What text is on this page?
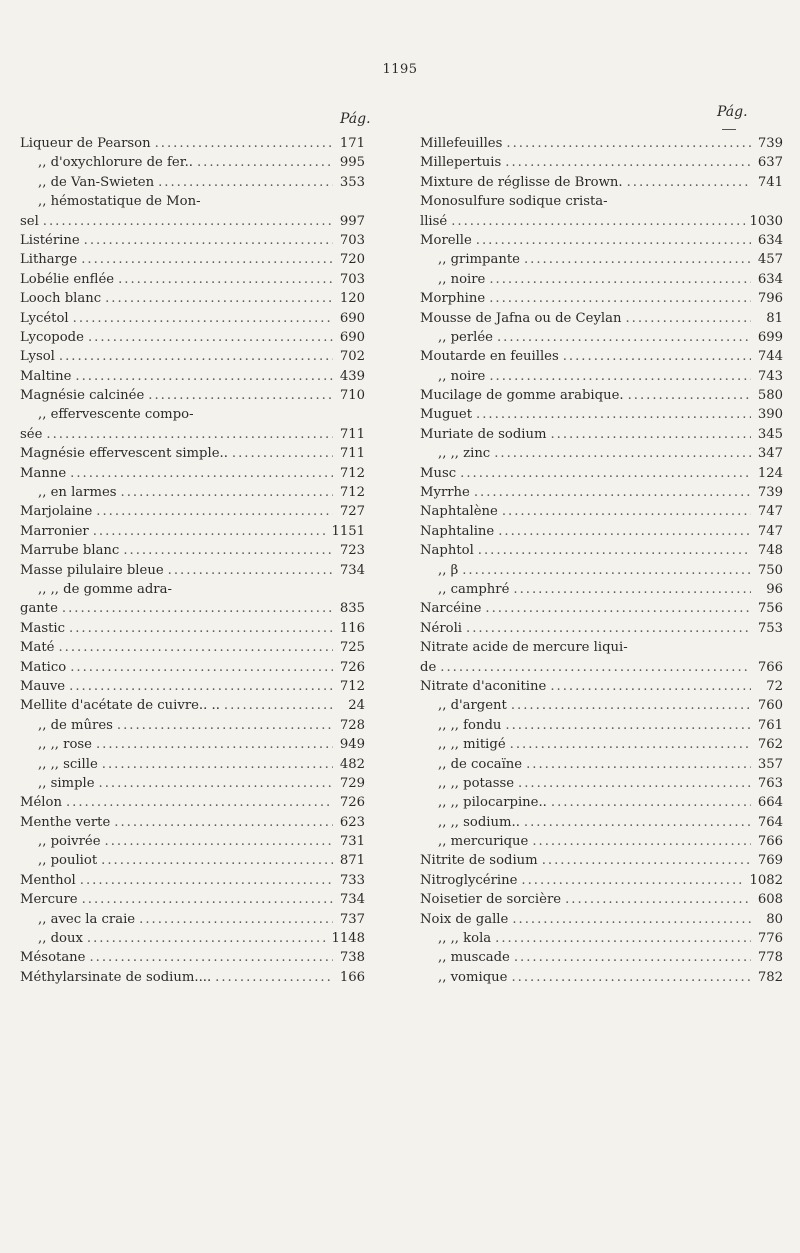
1195
Pág.	Pág.
Liqueur de Pearson .....	171
,, d'oxychlorure de fer.. .....	995
,, de Van-Swieten .....	353
,, hémostatique de Mon-
sel .....	997
Listérine .....	703
Litharge .....	720
Lobélie enflée .....	703
Looch blanc .....	120
Lycétol .....	690
Lycopode .....	690
Lysol .....	702
Maltine .....	439
Magnésie calcinée .....	710
,, effervescente compo-
sée .....	711
Magnésie effervescent simple.. .....	711
Manne .....	712
,, en larmes .....	712
Marjolaine .....	727
Marronier .....	1151
Marrube blanc .....	723
Masse pilulaire bleue .....	734
,, ,, de gomme adra-
gante .....	835
Mastic .....	116
Maté .....	725
Matico .....	726
Mauve .....	712
Mellite d'acétate de cuivre.. .. .....	24
,, de mûres .....	728
,, ,, rose .....	949
,, ,, scille .....	482
,, simple .....	729
Mélon .....	726
Menthe verte .....	623
,, poivrée .....	731
,, pouliot .....	871
Menthol .....	733
Mercure .....	734
,, avec la craie .....	737
,, doux .....	1148
Mésotane .....	738
Méthylarsinate de sodium.... .....	166
Millefeuilles .....	739
Millepertuis .....	637
Mixture de réglisse de Brown. .....	741
Monosulfure sodique crista-
llisé .....	1030
Morelle .....	634
,, grimpante .....	457
,, noire .....	634
Morphine .....	796
Mousse de Jafna ou de Ceylan .....	81
,, perlée .....	699
Moutarde en feuilles .....	744
,, noire .....	743
Mucilage de gomme arabique. .....	580
Muguet .....	390
Muriate de sodium .....	345
,, ,, zinc .....	347
Musc .....	124
Myrrhe .....	739
Naphtalène .....	747
Naphtaline .....	747
Naphtol .....	748
,, β .....	750
,, camphré .....	96
Narcéine .....	756
Néroli .....	753
Nitrate acide de mercure liqui-
de .....	766
Nitrate d'aconitine .....	72
,, d'argent .....	760
,, ,, fondu .....	761
,, ,, mitigé .....	762
,, de cocaïne .....	357
,, ,, potasse .....	763
,, ,, pilocarpine.. .....	664
,, ,, sodium.. .....	764
,, mercurique .....	766
Nitrite de sodium .....	769
Nitroglycérine .....	1082
Noisetier de sorcière .....	608
Noix de galle .....	80
,, ,, kola .....	776
,, muscade .....	778
,, vomique .....	782
